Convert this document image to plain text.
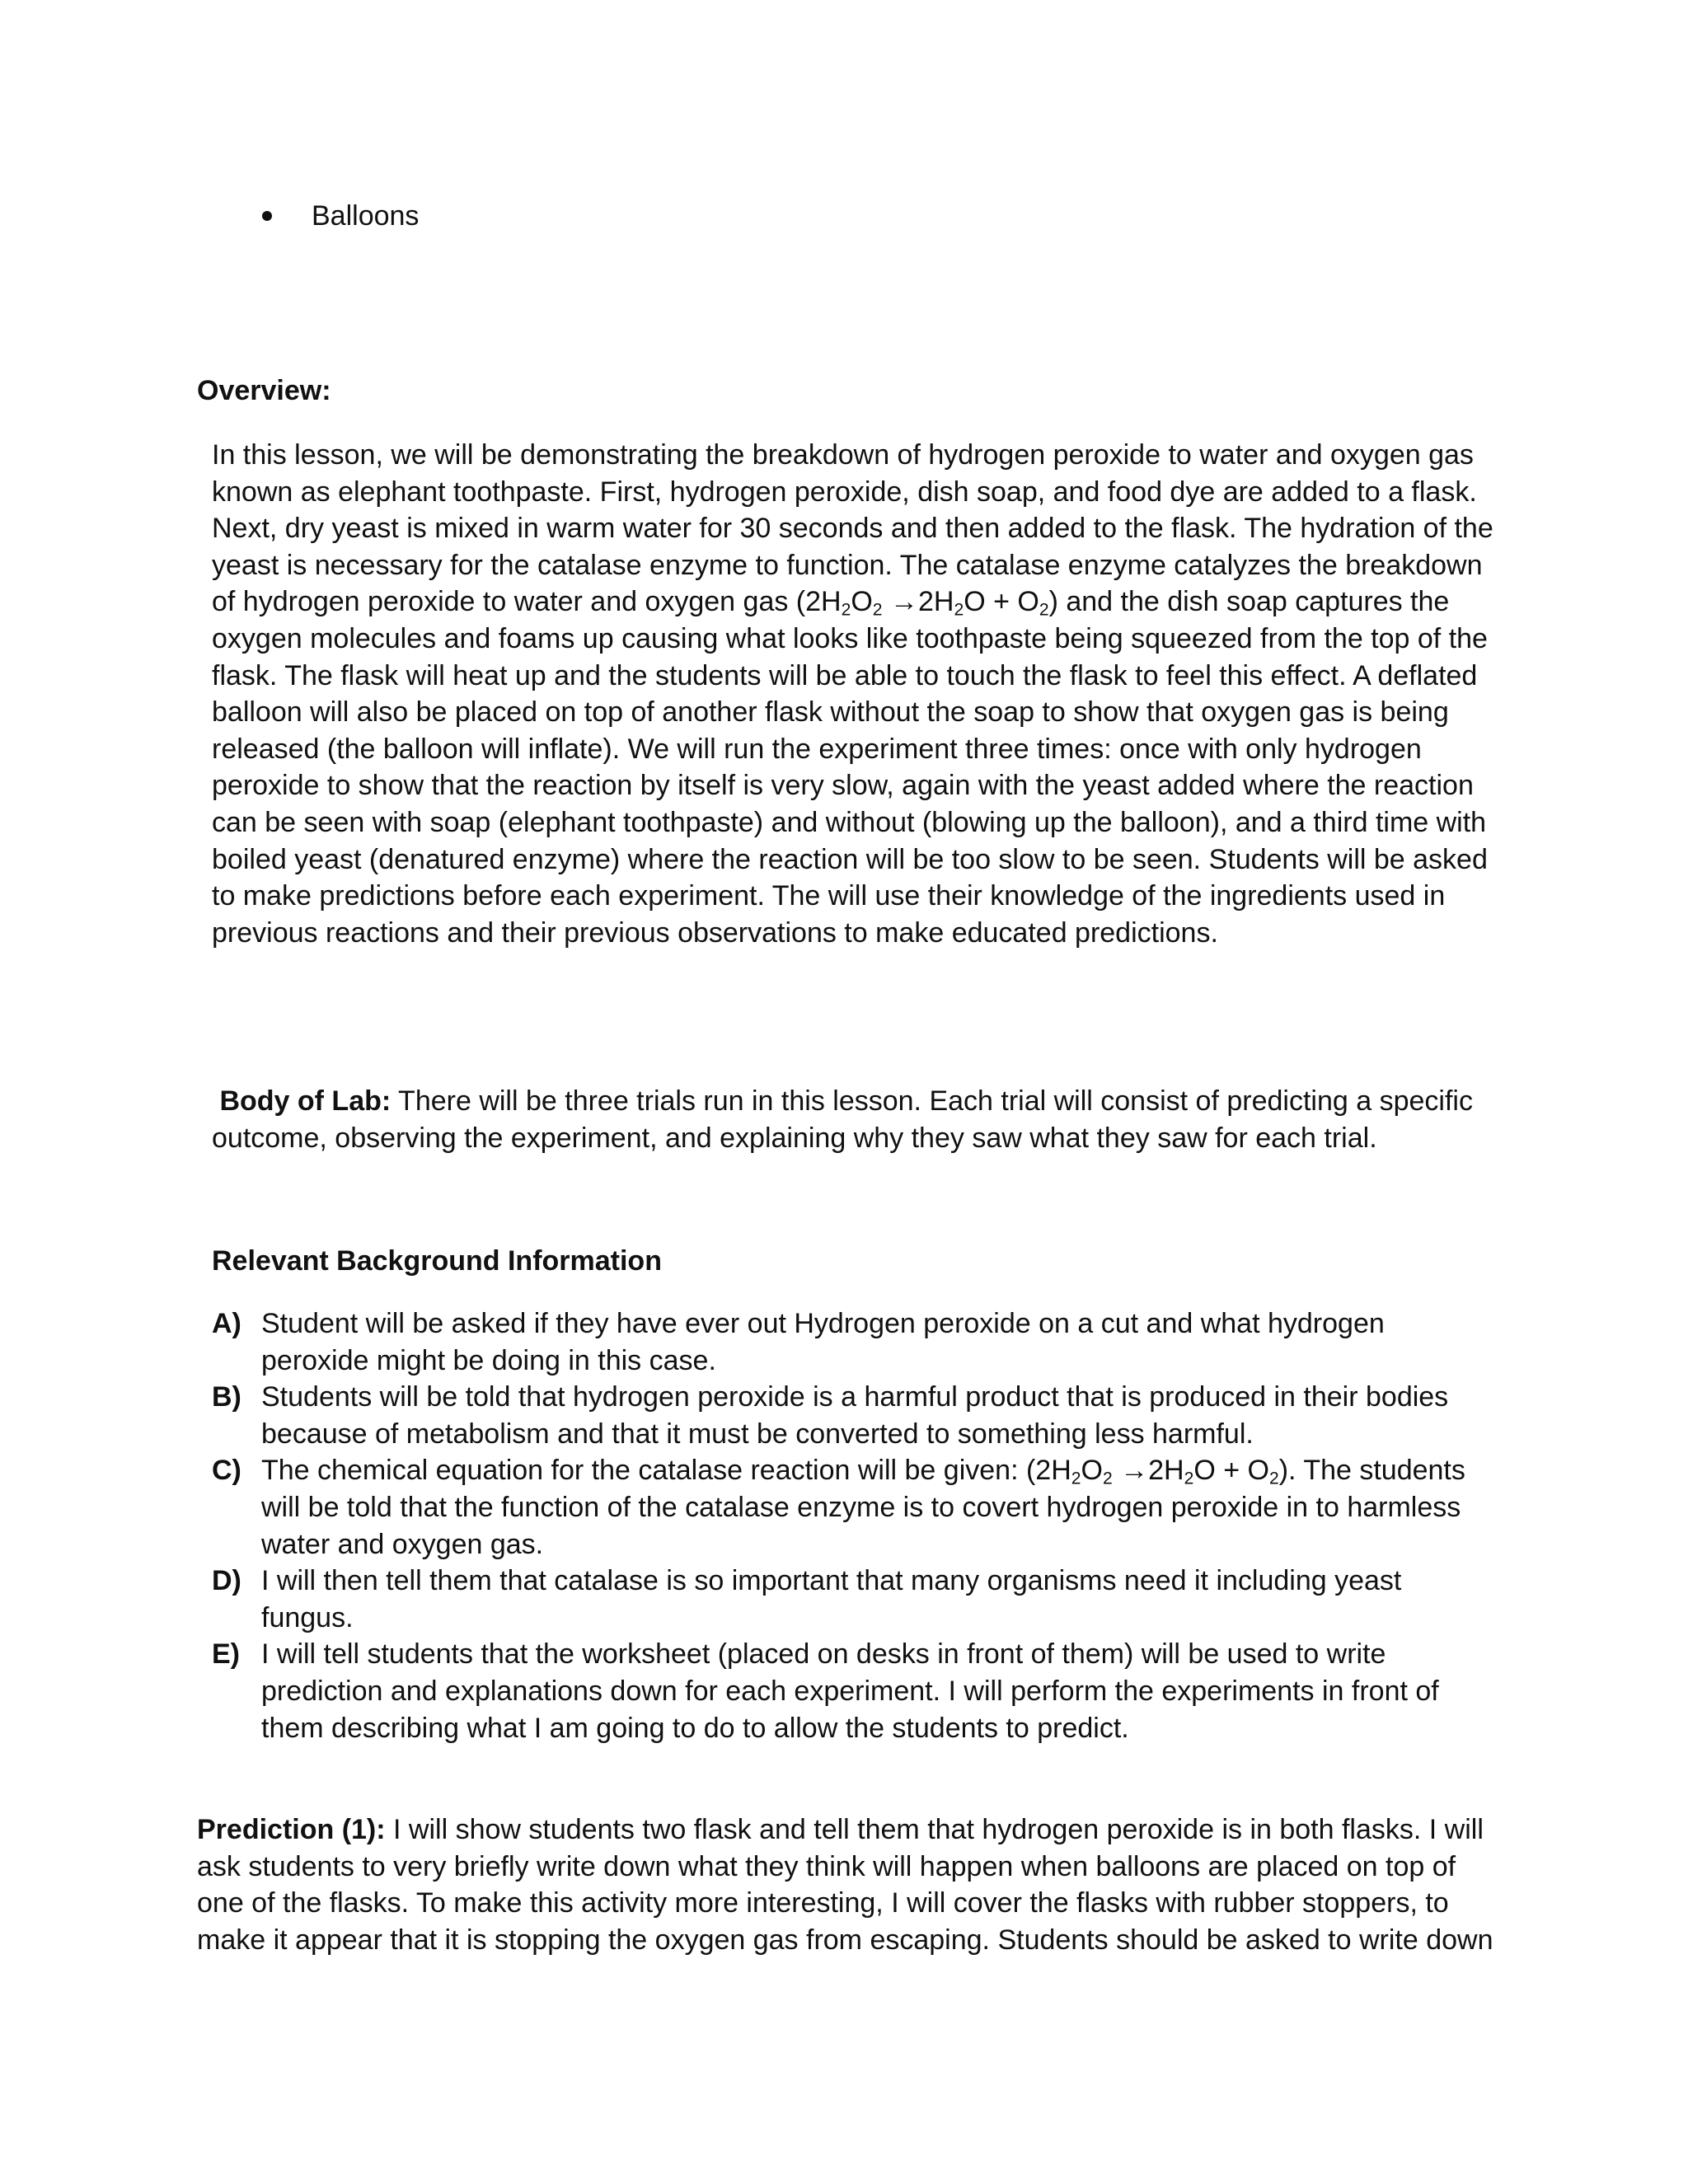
Balloons
Overview:

In this lesson, we will be demonstrating the breakdown of hydrogen peroxide to water and oxygen gas known as elephant toothpaste. First, hydrogen peroxide, dish soap, and food dye are added to a flask. Next, dry yeast is mixed in warm water for 30 seconds and then added to the flask. The hydration of the yeast is necessary for the catalase enzyme to function. The catalase enzyme catalyzes the breakdown of hydrogen peroxide to water and oxygen gas $(2H_2O_2 \to 2H_2O + O_2)$ and the dish soap captures the oxygen molecules and foams up causing what looks like toothpaste being squeezed from the top of the flask. The flask will heat up and the students will be able to touch the flask to feel this effect. A deflated balloon will also be placed on top of another flask without the soap to show that oxygen gas is being released (the balloon will inflate). We will run the experiment three times: once with only hydrogen peroxide to show that the reaction by itself is very slow, again with the yeast added where the reaction can be seen with soap (elephant toothpaste) and without (blowing up the balloon), and a third time with boiled yeast (denatured enzyme) where the reaction will be too slow to be seen. Students will be asked to make predictions before each experiment. The will use their knowledge of the ingredients used in previous reactions and their previous observations to make educated predictions.

Body of Lab: There will be three trials run in this lesson. Each trial will consist of predicting a specific outcome, observing the experiment, and explaining why they saw what they saw for each trial.

Relevant Background Information
A) Student will be asked if they have ever out Hydrogen peroxide on a cut and what hydrogen peroxide might be doing in this case.
B) Students will be told that hydrogen peroxide is a harmful product that is produced in their bodies because of metabolism and that it must be converted to something less harmful.
C) The chemical equation for the catalase reaction will be given: $(2H_2O_2 \to 2H_2O + O_2)$. The students will be told that the function of the catalase enzyme is to covert hydrogen peroxide in to harmless water and oxygen gas.
D) I will then tell them that catalase is so important that many organisms need it including yeast fungus.
E) I will tell students that the worksheet (placed on desks in front of them) will be used to write prediction and explanations down for each experiment. I will perform the experiments in front of them describing what I am going to do to allow the students to predict.

Prediction (1): I will show students two flask and tell them that hydrogen peroxide is in both flasks. I will ask students to very briefly write down what they think will happen when balloons are placed on top of one of the flasks. To make this activity more interesting, I will cover the flasks with rubber stoppers, to make it appear that it is stopping the oxygen gas from escaping. Students should be asked to write down
